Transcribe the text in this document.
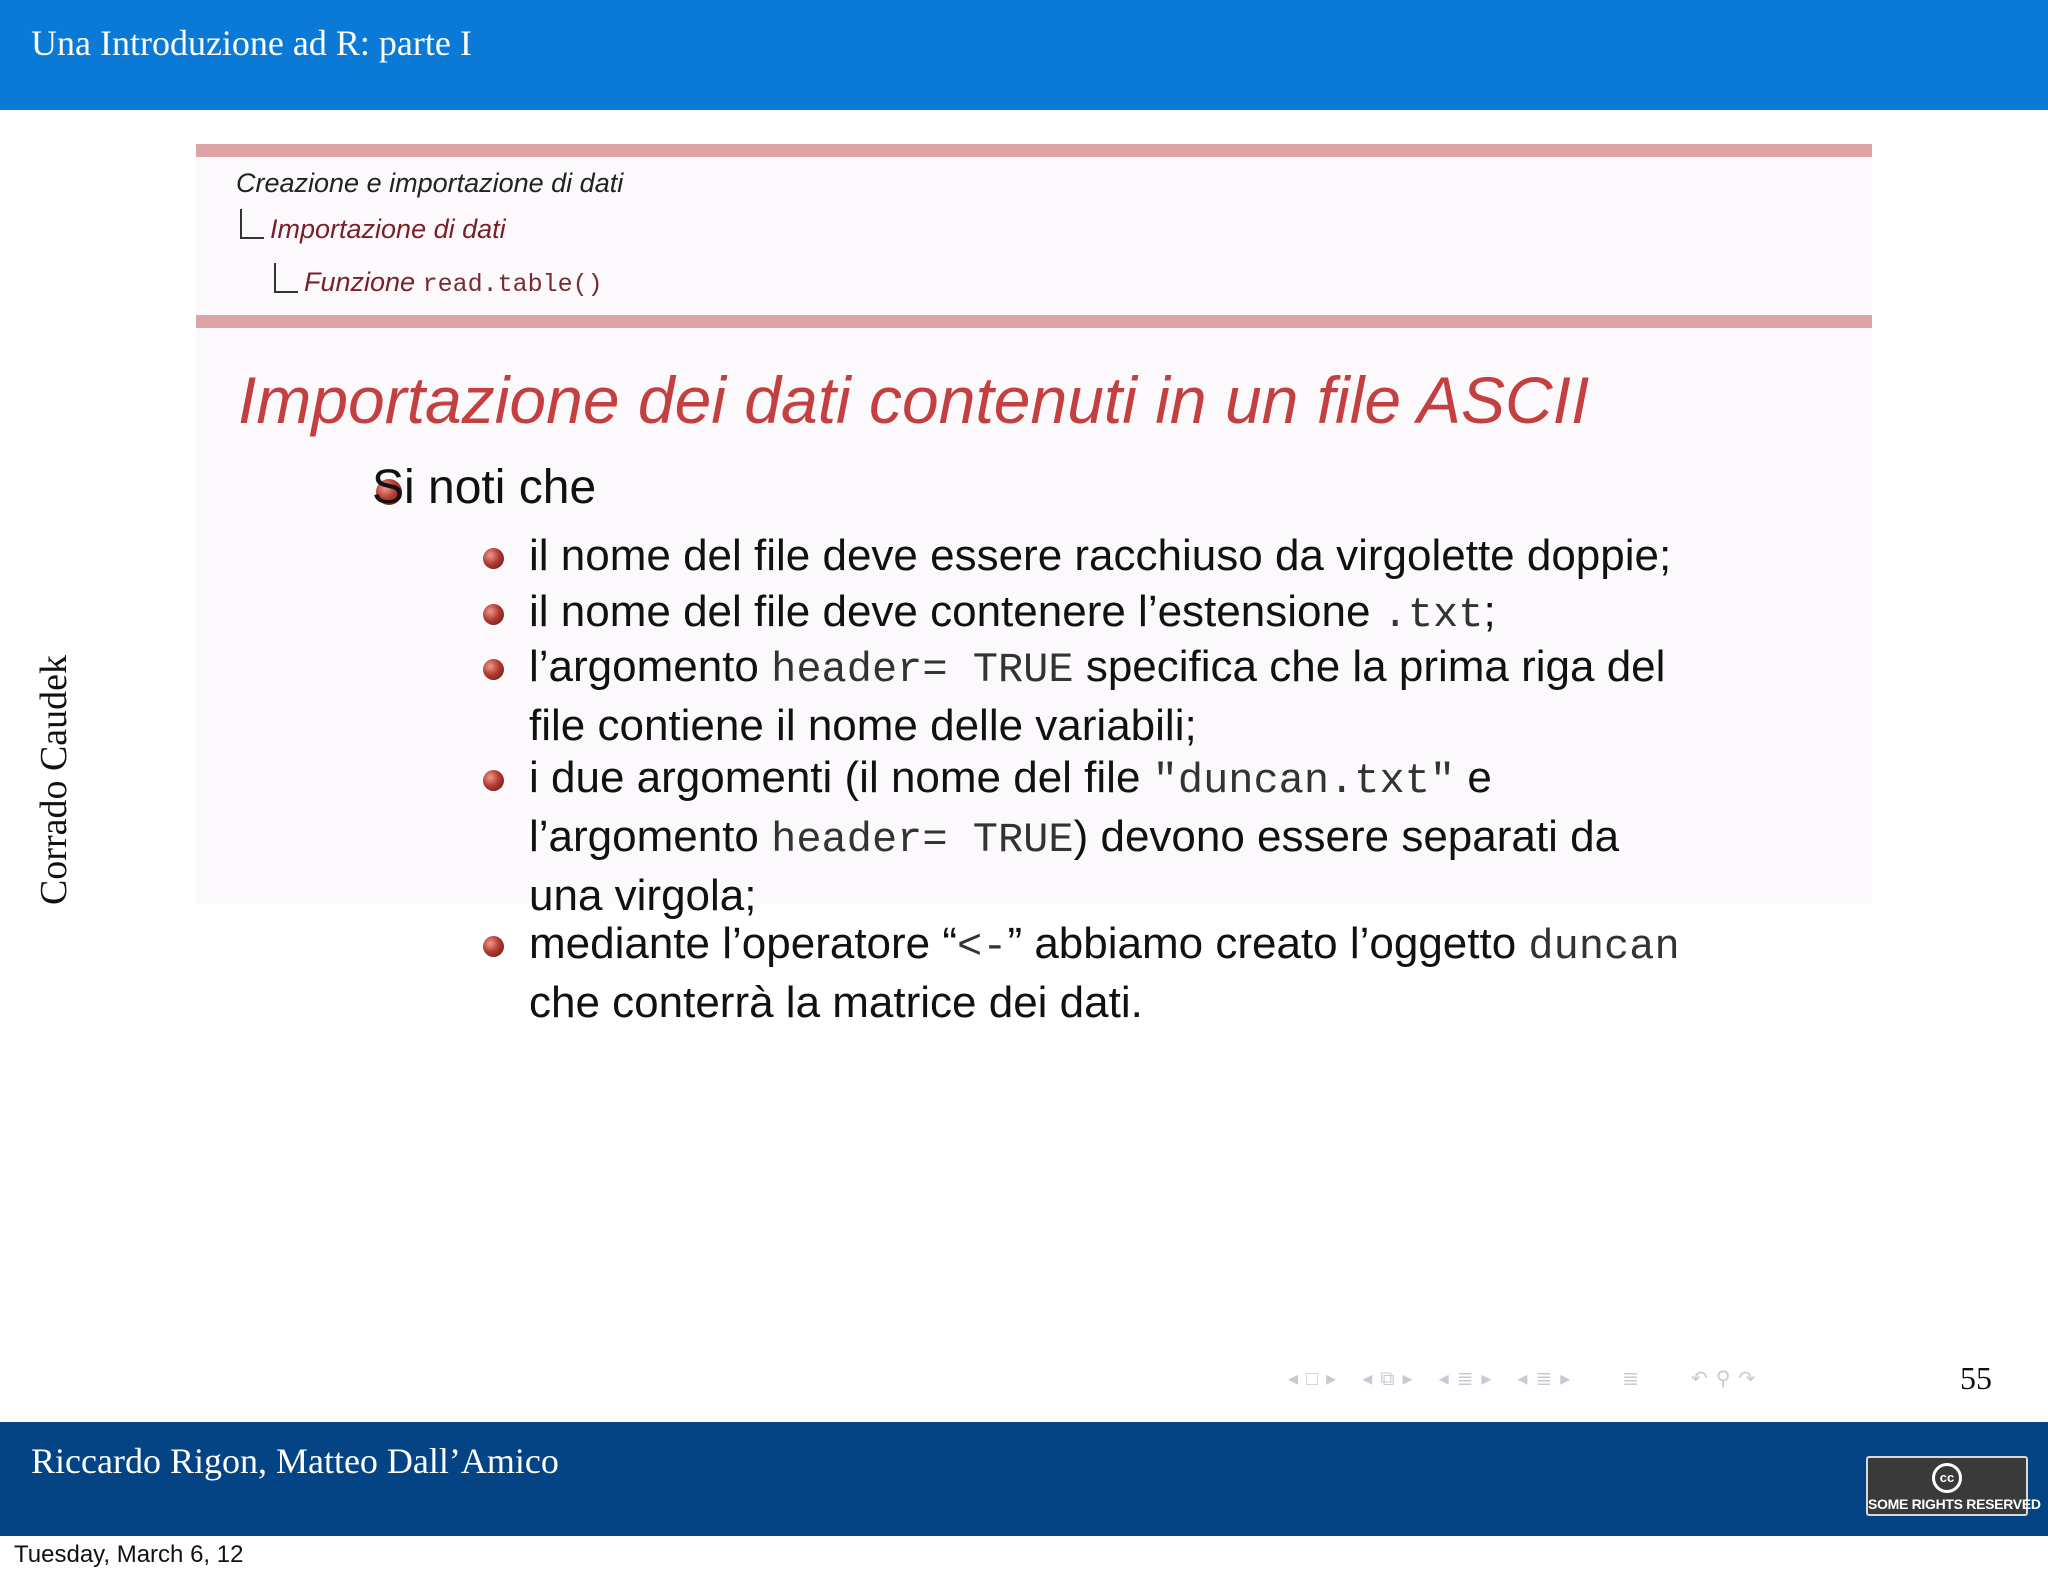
Una Introduzione ad R: parte I
Corrado Caudek
Creazione e importazione di dati
Importazione di dati
Funzione read.table()
Importazione dei dati contenuti in un file ASCII
Si noti che
il nome del file deve essere racchiuso da virgolette doppie;
il nome del file deve contenere l’estensione .txt;
l’argomento header= TRUE specifica che la prima riga del
file contiene il nome delle variabili;
i due argomenti (il nome del file "duncan.txt" e
l’argomento header= TRUE) devono essere separati da
una virgola;
mediante l’operatore “<-” abbiamo creato l’oggetto duncan
che conterrà la matrice dei dati.
◂ □ ▸ ◂ ⧉ ▸ ◂ ≣ ▸ ◂ ≣ ▸	≣	↶ ⚲ ↷	55
Riccardo Rigon, Matteo Dall’Amico	cc
SOME RIGHTS RESERVED
Tuesday, March 6, 12
